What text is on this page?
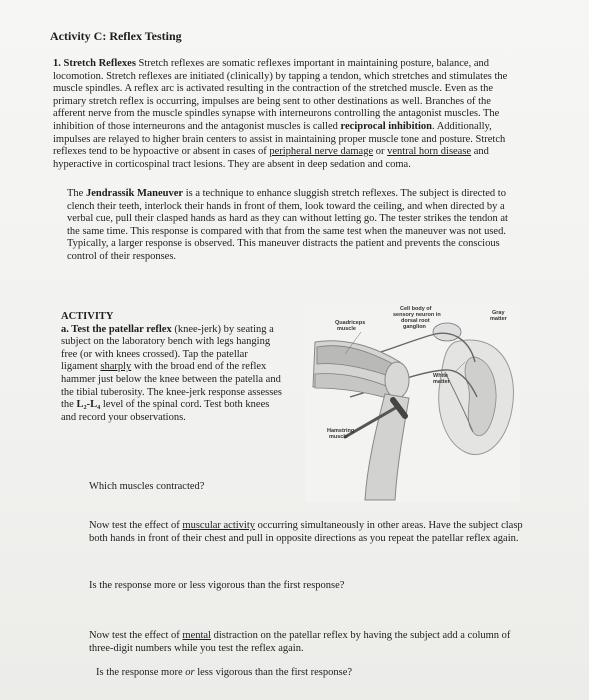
Activity C: Reflex Testing
1. Stretch Reflexes Stretch reflexes are somatic reflexes important in maintaining posture, balance, and locomotion. Stretch reflexes are initiated (clinically) by tapping a tendon, which stretches and stimulates the muscle spindles. A reflex arc is activated resulting in the contraction of the stretched muscle. Even as the primary stretch reflex is occurring, impulses are being sent to other destinations as well. Branches of the afferent nerve from the muscle spindles synapse with interneurons controlling the antagonist muscles. The inhibition of those interneurons and the antagonist muscles is called reciprocal inhibition. Additionally, impulses are relayed to higher brain centers to assist in maintaining proper muscle tone and posture. Stretch reflexes tend to be hypoactive or absent in cases of peripheral nerve damage or ventral horn disease and hyperactive in corticospinal tract lesions. They are absent in deep sedation and coma.
The Jendrassik Maneuver is a technique to enhance sluggish stretch reflexes. The subject is directed to clench their teeth, interlock their hands in front of them, look toward the ceiling, and when directed by a verbal cue, pull their clasped hands as hard as they can without letting go. The tester strikes the tendon at the same time. This response is compared with that from the same test when the maneuver was not used. Typically, a larger response is observed. This maneuver distracts the patient and prevents the conscious control of their responses.
ACTIVITY
a. Test the patellar reflex (knee-jerk) by seating a subject on the laboratory bench with legs hanging free (or with knees crossed). Tap the patellar ligament sharply with the broad end of the reflex hammer just below the knee between the patella and the tibial tuberosity. The knee-jerk response assesses the L₂-L₄ level of the spinal cord. Test both knees and record your observations.
Quadriceps muscle
Cell body of sensory neuron in dorsal root ganglion
Gray matter
White matter
Hamstring muscle
Which muscles contracted?
Now test the effect of muscular activity occurring simultaneously in other areas. Have the subject clasp both hands in front of their chest and pull in opposite directions as you repeat the patellar reflex again.
Is the response more or less vigorous than the first response?
Now test the effect of mental distraction on the patellar reflex by having the subject add a column of three-digit numbers while you test the reflex again.
Is the response more or less vigorous than the first response?
